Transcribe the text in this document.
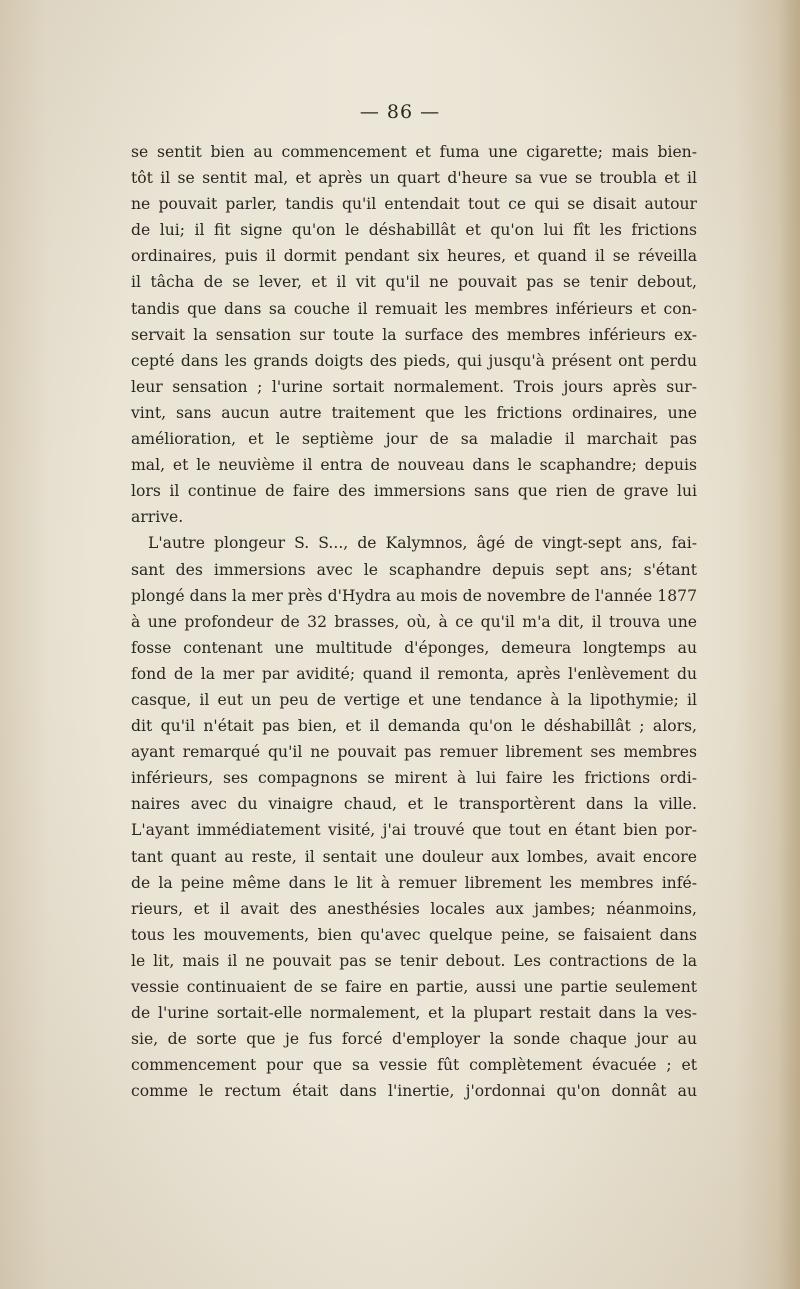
— 86 —
se sentit bien au commencement et fuma une cigarette; mais bien-
tôt il se sentit mal, et après un quart d'heure sa vue se troubla et il
ne pouvait parler, tandis qu'il entendait tout ce qui se disait autour
de lui; il fit signe qu'on le déshabillât et qu'on lui fît les frictions
ordinaires, puis il dormit pendant six heures, et quand il se réveilla
il tâcha de se lever, et il vit qu'il ne pouvait pas se tenir debout,
tandis que dans sa couche il remuait les membres inférieurs et con-
servait la sensation sur toute la surface des membres inférieurs ex-
cepté dans les grands doigts des pieds, qui jusqu'à présent ont perdu
leur sensation ; l'urine sortait normalement. Trois jours après sur-
vint, sans aucun autre traitement que les frictions ordinaires, une
amélioration, et le septième jour de sa maladie il marchait pas
mal, et le neuvième il entra de nouveau dans le scaphandre; depuis
lors il continue de faire des immersions sans que rien de grave lui
arrive.
L'autre plongeur S. S..., de Kalymnos, âgé de vingt-sept ans, fai-
sant des immersions avec le scaphandre depuis sept ans; s'étant
plongé dans la mer près d'Hydra au mois de novembre de l'année 1877
à une profondeur de 32 brasses, où, à ce qu'il m'a dit, il trouva une
fosse contenant une multitude d'éponges, demeura longtemps au
fond de la mer par avidité; quand il remonta, après l'enlèvement du
casque, il eut un peu de vertige et une tendance à la lipothymie; il
dit qu'il n'était pas bien, et il demanda qu'on le déshabillât ; alors,
ayant remarqué qu'il ne pouvait pas remuer librement ses membres
inférieurs, ses compagnons se mirent à lui faire les frictions ordi-
naires avec du vinaigre chaud, et le transportèrent dans la ville.
L'ayant immédiatement visité, j'ai trouvé que tout en étant bien por-
tant quant au reste, il sentait une douleur aux lombes, avait encore
de la peine même dans le lit à remuer librement les membres infé-
rieurs, et il avait des anesthésies locales aux jambes; néanmoins,
tous les mouvements, bien qu'avec quelque peine, se faisaient dans
le lit, mais il ne pouvait pas se tenir debout. Les contractions de la
vessie continuaient de se faire en partie, aussi une partie seulement
de l'urine sortait-elle normalement, et la plupart restait dans la ves-
sie, de sorte que je fus forcé d'employer la sonde chaque jour au
commencement pour que sa vessie fût complètement évacuée ; et
comme le rectum était dans l'inertie, j'ordonnai qu'on donnât au
